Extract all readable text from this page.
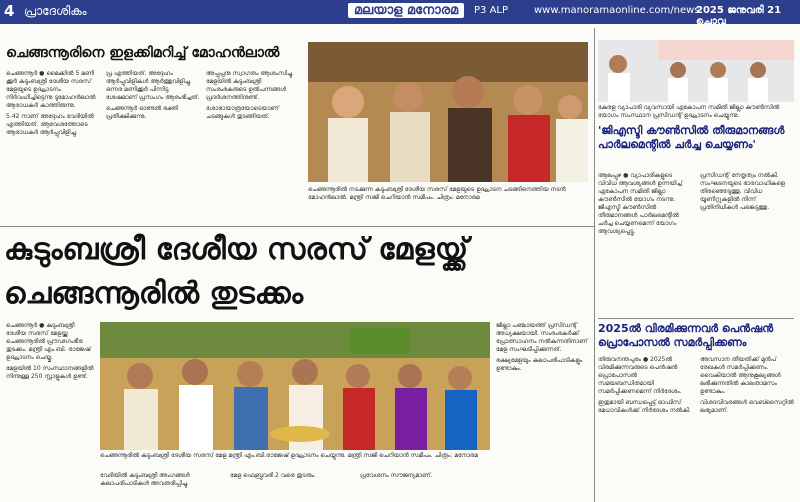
4 പ്രാദേശികം	മലയാള മനോരമ	P3 ALP	www.manoramaonline.com/news
2025 ജനുവരി 21 ചൊവ്വ
ചെങ്ങന്നൂരിനെ ഇളക്കിമറിച്ച് മോഹൻലാൽ
ചെങ്ങന്നൂർ ● മൈക്കിൽ 5 മണി ക്കൂർ കുടുംബശ്രീ ദേശീയ സരസ് മേളയുടെ ഉദ്ഘാടനം നിർവഹിച്ചിട്ടെന്നു ടുമോഹൻലാൽ ആരാധകർ കാത്തിരുന്നു.
5.42 നാണ് അദ്ദേഹം വേദിയിൽ എത്തിയത്. ആവേശത്തോടെ ആരാധകർ ആർപ്പുവിളിച്ചു.
പ്ര എത്തിയത്. അദ്ദേഹം ആർപ്പുവിളികൾ ആർത്തുവിളിച്ചു. ഒന്നര മണിക്കൂർ പിന്നിട്ട ശേഷമാണ് പ്രസംഗം ആരംഭിച്ചത്.
ചെങ്ങന്നൂർ ഓണ്ടൽ ഭക്തി പ്രതീക്ഷിക്കുന്നു.
അപ്പുപ്പനു സ്വാഗതം ആശംസിച്ചു. മേളയിൽ കുടുംബശ്രീ സംരംഭകരുടെ ഉൽപന്നങ്ങൾ പ്രദർശനത്തിനുണ്ട്.
ശോഭായാത്രയോടെയാണ് ചടങ്ങുകൾ തുടങ്ങിയത്.
ചെങ്ങന്നൂരിൽ നടക്കുന്ന കുടുംബശ്രീ ദേശീയ സരസ് മേളയുടെ ഉദ്ഘാടന ചടങ്ങിനെത്തിയ നടൻ മോഹൻലാൽ. മന്ത്രി സജി ചെറിയാൻ സമീപം. ചിത്രം: മനോരമ
കേരള വ്യാപാരി വ്യവസായി ഏകോപന സമിതി ജില്ലാ കൗൺസിൽ യോഗം സംസ്ഥാന പ്രസിഡന്റ് ഉദ്ഘാടനം ചെയ്യുന്നു.
'ജിഎസ്ടി കൗൺസിൽ തീരുമാനങ്ങൾ പാർലമെന്റിൽ ചർച്ച ചെയ്യണം'
ആലപ്പുഴ ● വ്യാപാരികളുടെ വിവിധ ആവശ്യങ്ങൾ ഉന്നയിച്ച് ഏകോപന സമിതി ജില്ലാ കൗൺസിൽ യോഗം നടന്നു. ജിഎസ്ടി കൗൺസിൽ തീരുമാനങ്ങൾ പാർലമെന്റിൽ ചർച്ച ചെയ്യണമെന്ന് യോഗം ആവശ്യപ്പെട്ടു.
പ്രസിഡന്റ് നേതൃത്വം നൽകി. സംഘടനയുടെ ഭാരവാഹികളെ തിരഞ്ഞെടുത്തു. വിവിധ യൂണിറ്റുകളിൽ നിന്ന് പ്രതിനിധികൾ പങ്കെടുത്തു.
കുടുംബശ്രീ ദേശീയ സരസ് മേളയ്ക്ക്
ചെങ്ങന്നൂരിൽ തുടക്കം
ചെങ്ങന്നൂർ ● കുടുംബശ്രീ ദേശീയ സരസ് മേളയ്ക്കു ചെങ്ങന്നൂരിൽ പ്രൗഢഗംഭീര തുടക്കം. മന്ത്രി എം.ബി. രാജേഷ് ഉദ്ഘാടനം ചെയ്തു.
മേളയിൽ 10 സംസ്ഥാനങ്ങളിൽ നിന്നുള്ള 250 സ്റ്റാളുകൾ ഉണ്ട്.
ചെങ്ങന്നൂരിൽ കുടുംബശ്രീ ദേശീയ സരസ് മേള മന്ത്രി എം.ബി.രാജേഷ് ഉദ്ഘാടനം ചെയ്യുന്നു. മന്ത്രി സജി ചെറിയാൻ സമീപം. ചിത്രം: മനോരമ
വേദിയിൽ കുടുംബശ്രീ അംഗങ്ങൾ കലാപരിപാടികൾ അവതരിപ്പിച്ചു.
മേള ഫെബ്രുവരി 2 വരെ തുടരും.	പ്രവേശനം സൗജന്യമാണ്.
ജില്ലാ പഞ്ചായത്ത് പ്രസിഡന്റ് അധ്യക്ഷയായി. സംരംഭകർക്ക് പ്രോത്സാഹനം നൽകുന്നതിനാണ് മേള സംഘടിപ്പിക്കുന്നത്.
ഭക്ഷ്യമേളയും കലാപരിപാടികളും ഉണ്ടാകും.
2025ൽ വിരമിക്കുന്നവർ പെൻഷൻ
പ്രൊപോസൽ സമർപ്പിക്കണം
തിരുവനന്തപുരം ● 2025ൽ വിരമിക്കുന്നവരുടെ പെൻഷൻ പ്രൊപോസൽ സമയബന്ധിതമായി സമർപ്പിക്കണമെന്ന് നിർദേശം.
ഇതുമായി ബന്ധപ്പെട്ട് ഓഫിസ് മേധാവികൾക്ക് നിർദേശം നൽകി.
അവസാന തീയതിക്ക് മുൻപ് രേഖകൾ സമർപ്പിക്കണം. വൈകിയാൽ ആനുകൂല്യങ്ങൾ ലഭിക്കുന്നതിൽ കാലതാമസം ഉണ്ടാകും.
വിശദവിവരങ്ങൾ വെബ്സൈറ്റിൽ ലഭ്യമാണ്.
